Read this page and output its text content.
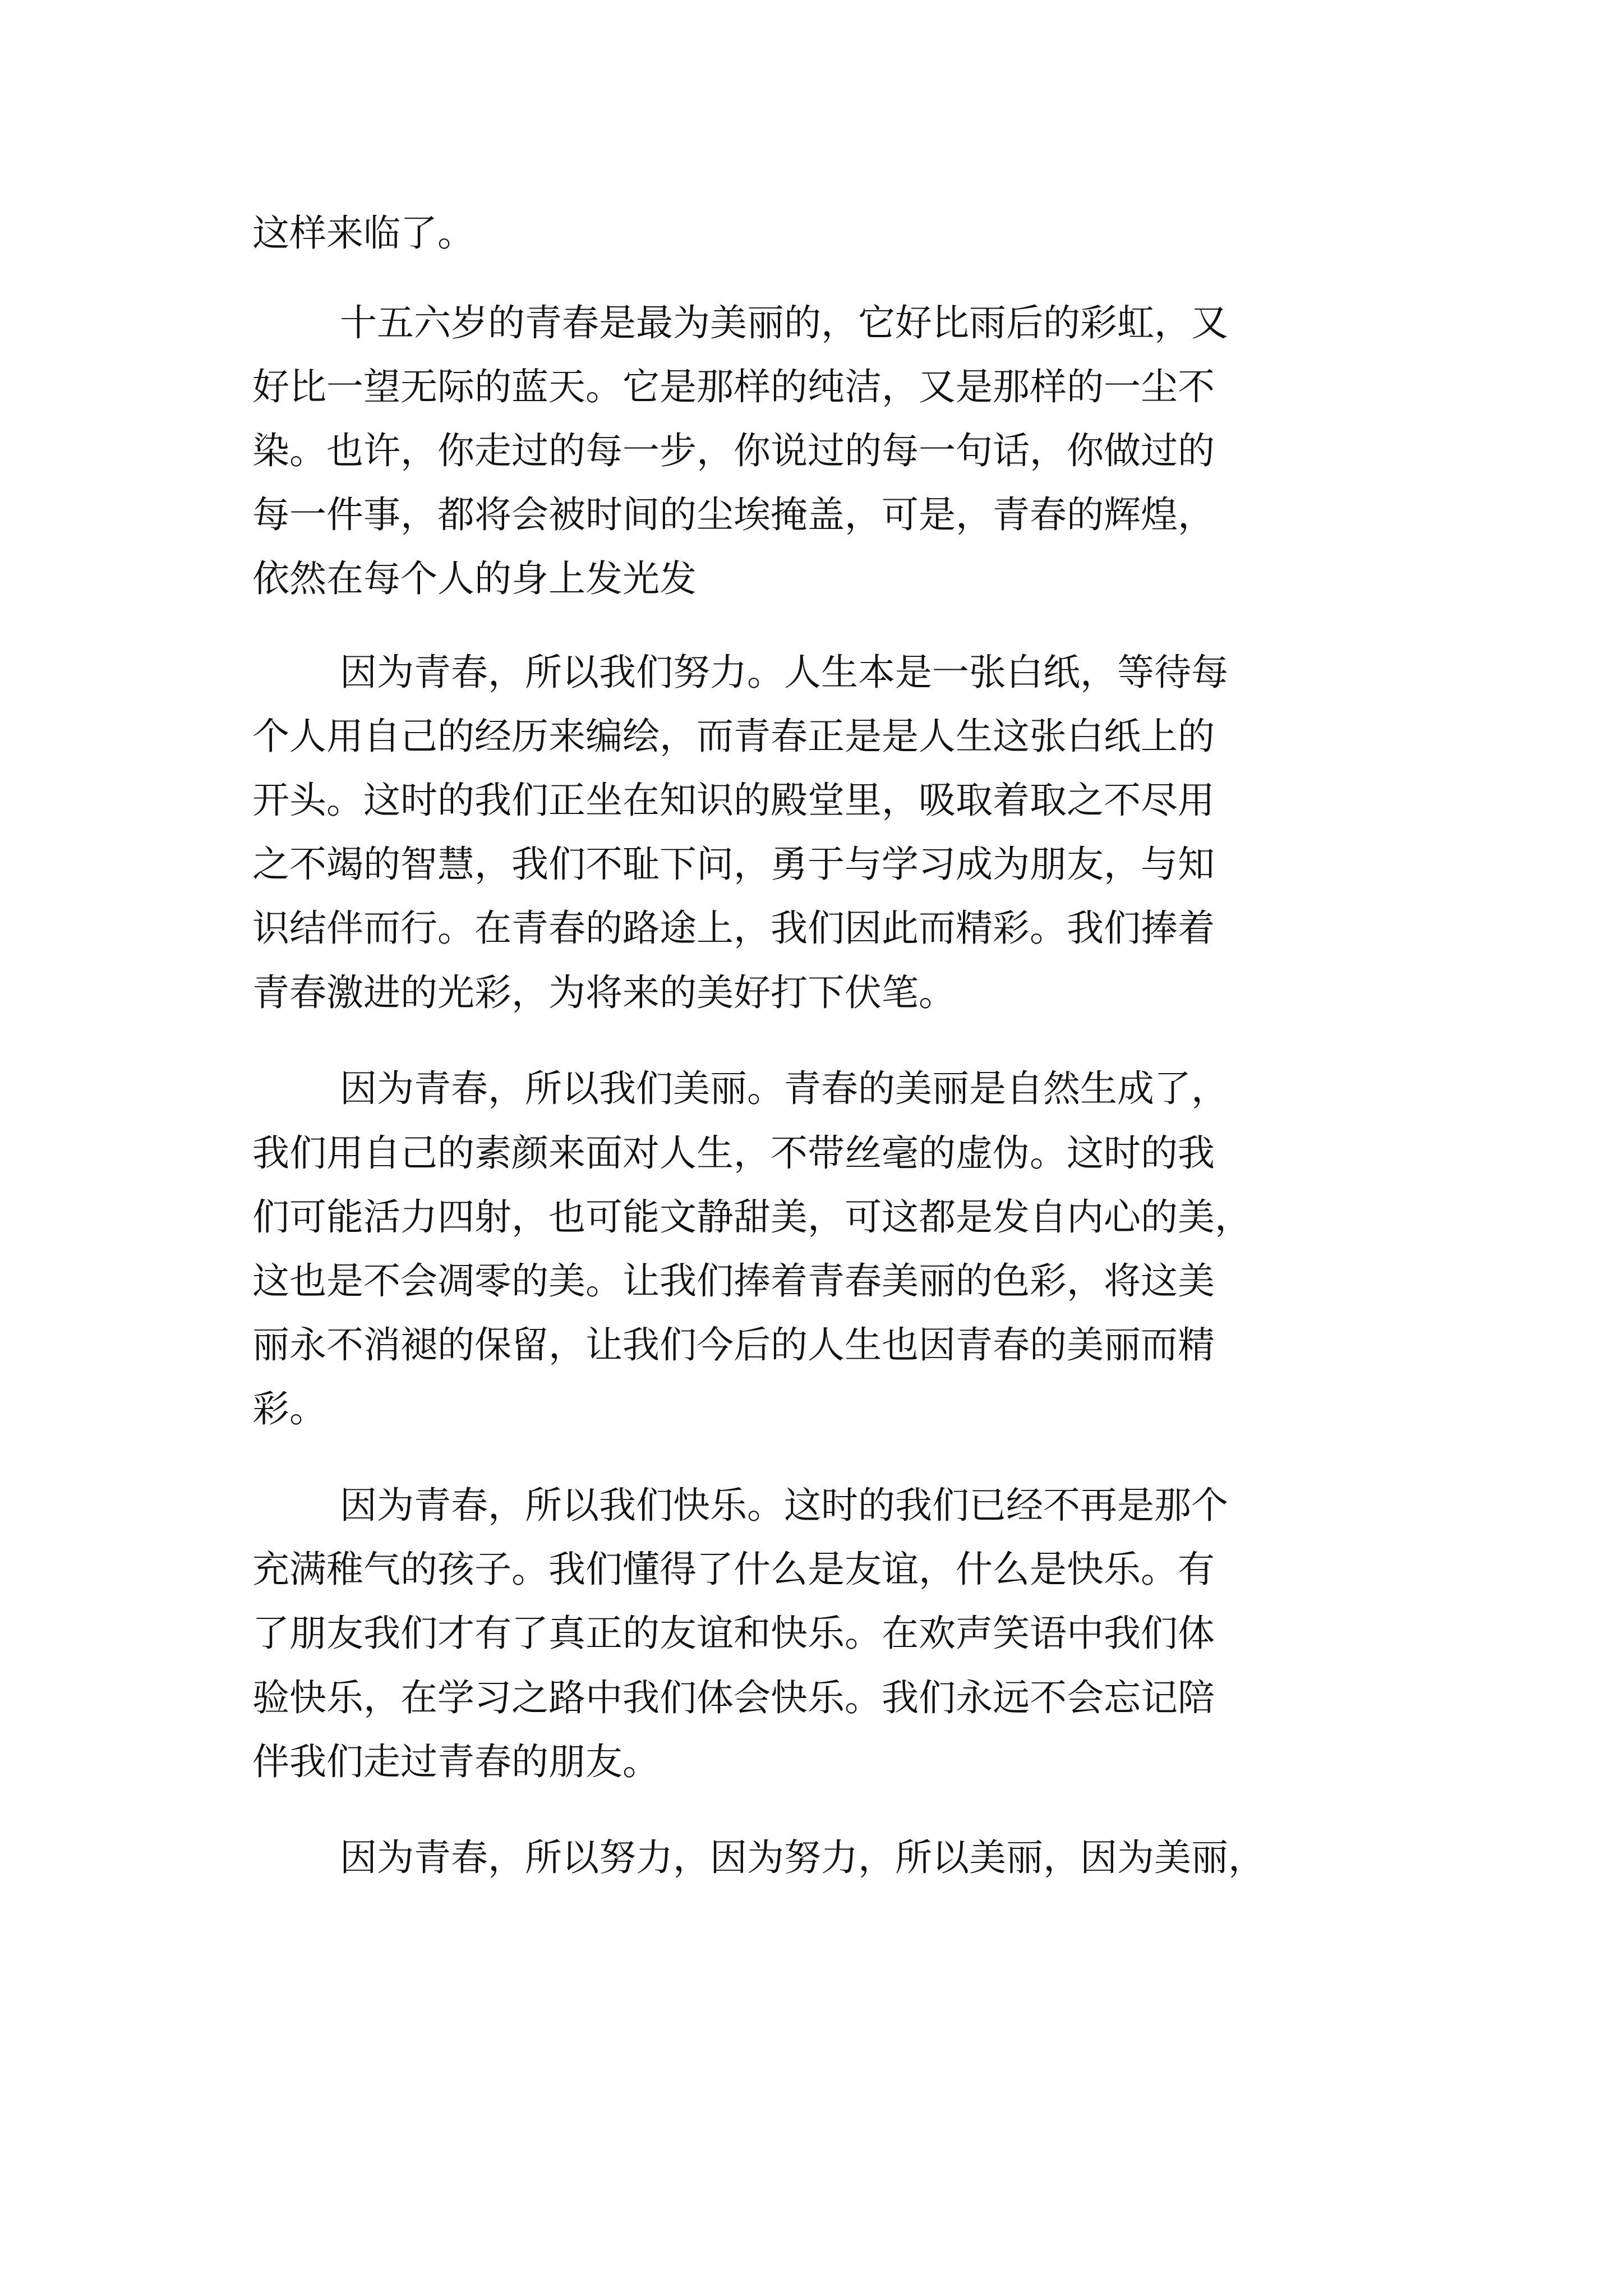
这样来临了。
十五六岁的青春是最为美丽的，它好比雨后的彩虹，又
好比一望无际的蓝天。它是那样的纯洁，又是那样的一尘不
染。也许，你走过的每一步，你说过的每一句话，你做过的
每一件事，都将会被时间的尘埃掩盖，可是，青春的辉煌，
依然在每个人的身上发光发
因为青春，所以我们努力。人生本是一张白纸，等待每
个人用自己的经历来编绘，而青春正是是人生这张白纸上的
开头。这时的我们正坐在知识的殿堂里，吸取着取之不尽用
之不竭的智慧，我们不耻下问，勇于与学习成为朋友，与知
识结伴而行。在青春的路途上，我们因此而精彩。我们捧着
青春激进的光彩，为将来的美好打下伏笔。
因为青春，所以我们美丽。青春的美丽是自然生成了，
我们用自己的素颜来面对人生，不带丝毫的虚伪。这时的我
们可能活力四射，也可能文静甜美，可这都是发自内心的美，
这也是不会凋零的美。让我们捧着青春美丽的色彩，将这美
丽永不消褪的保留，让我们今后的人生也因青春的美丽而精
彩。
因为青春，所以我们快乐。这时的我们已经不再是那个
充满稚气的孩子。我们懂得了什么是友谊，什么是快乐。有
了朋友我们才有了真正的友谊和快乐。在欢声笑语中我们体
验快乐，在学习之路中我们体会快乐。我们永远不会忘记陪
伴我们走过青春的朋友。
因为青春，所以努力，因为努力，所以美丽，因为美丽，
